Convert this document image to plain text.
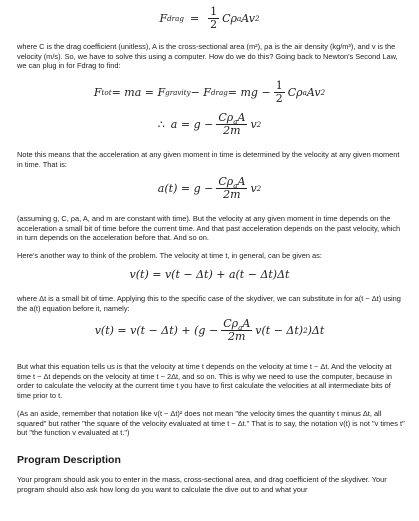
F drag = $\frac{1}{2}$ Cρ a Av 2

where C is the drag coefficient (unitless), A is the cross-sectional area (m²), ρa is the air density (kg/m³), and v is the velocity (m/s). So, we have to solve this using a computer. How do we do this? Going back to Newton's Second Law, we can plug in for Fdrag to find:

F tot = ma = F gravity − F drag = mg − $\frac{1}{2}$ Cρ a Av 2
∴ $a = g - \frac{C\rho_aA}{2m}$ v 2

Note this means that the acceleration at any given moment in time is determined by the velocity at any given moment in time. That is:

$a(t) = g - \frac{C\rho_aA}{2m}$ v 2

(assuming g, C, ρa, A, and m are constant with time). But the velocity at any given moment in time depends on the acceleration a small bit of time before the current time. And that past acceleration depends on the past velocity, which in turn depends on the acceleration before that. And so on.

Here's another way to think of the problem. The velocity at time t, in general, can be given as:

v(t) = v(t − Δt) + a(t − Δt)Δt

where Δt is a small bit of time. Applying this to the specific case of the skydiver, we can substitute in for a(t − Δt) using the a(t) equation before it, namely:

$v(t) = v(t - \Delta t) + (g - \frac{C\rho_aA}{2m} v(t - \Delta t)$ 2 )Δt

But what this equation tells us is that the velocity at time t depends on the velocity at time t − Δt. And the velocity at time t − Δt depends on the velocity at time t − 2Δt, and so on. This is why we need to use the computer, because in order to calculate the velocity at the current time t you have to first calculate the velocities at all intermediate bits of time prior to t.

(As an aside, remember that notation like v(t − Δt)² does not mean "the velocity times the quantity t minus Δt, all squared" but rather "the square of the velocity evaluated at time t − Δt." That is to say, the notation v(t) is not "v times t" but "the function v evaluated at t.")

Program Description

Your program should ask you to enter in the mass, cross-sectional area, and drag coefficient of the skydiver. Your program should also ask how long do you want to calculate the dive out to and what your
